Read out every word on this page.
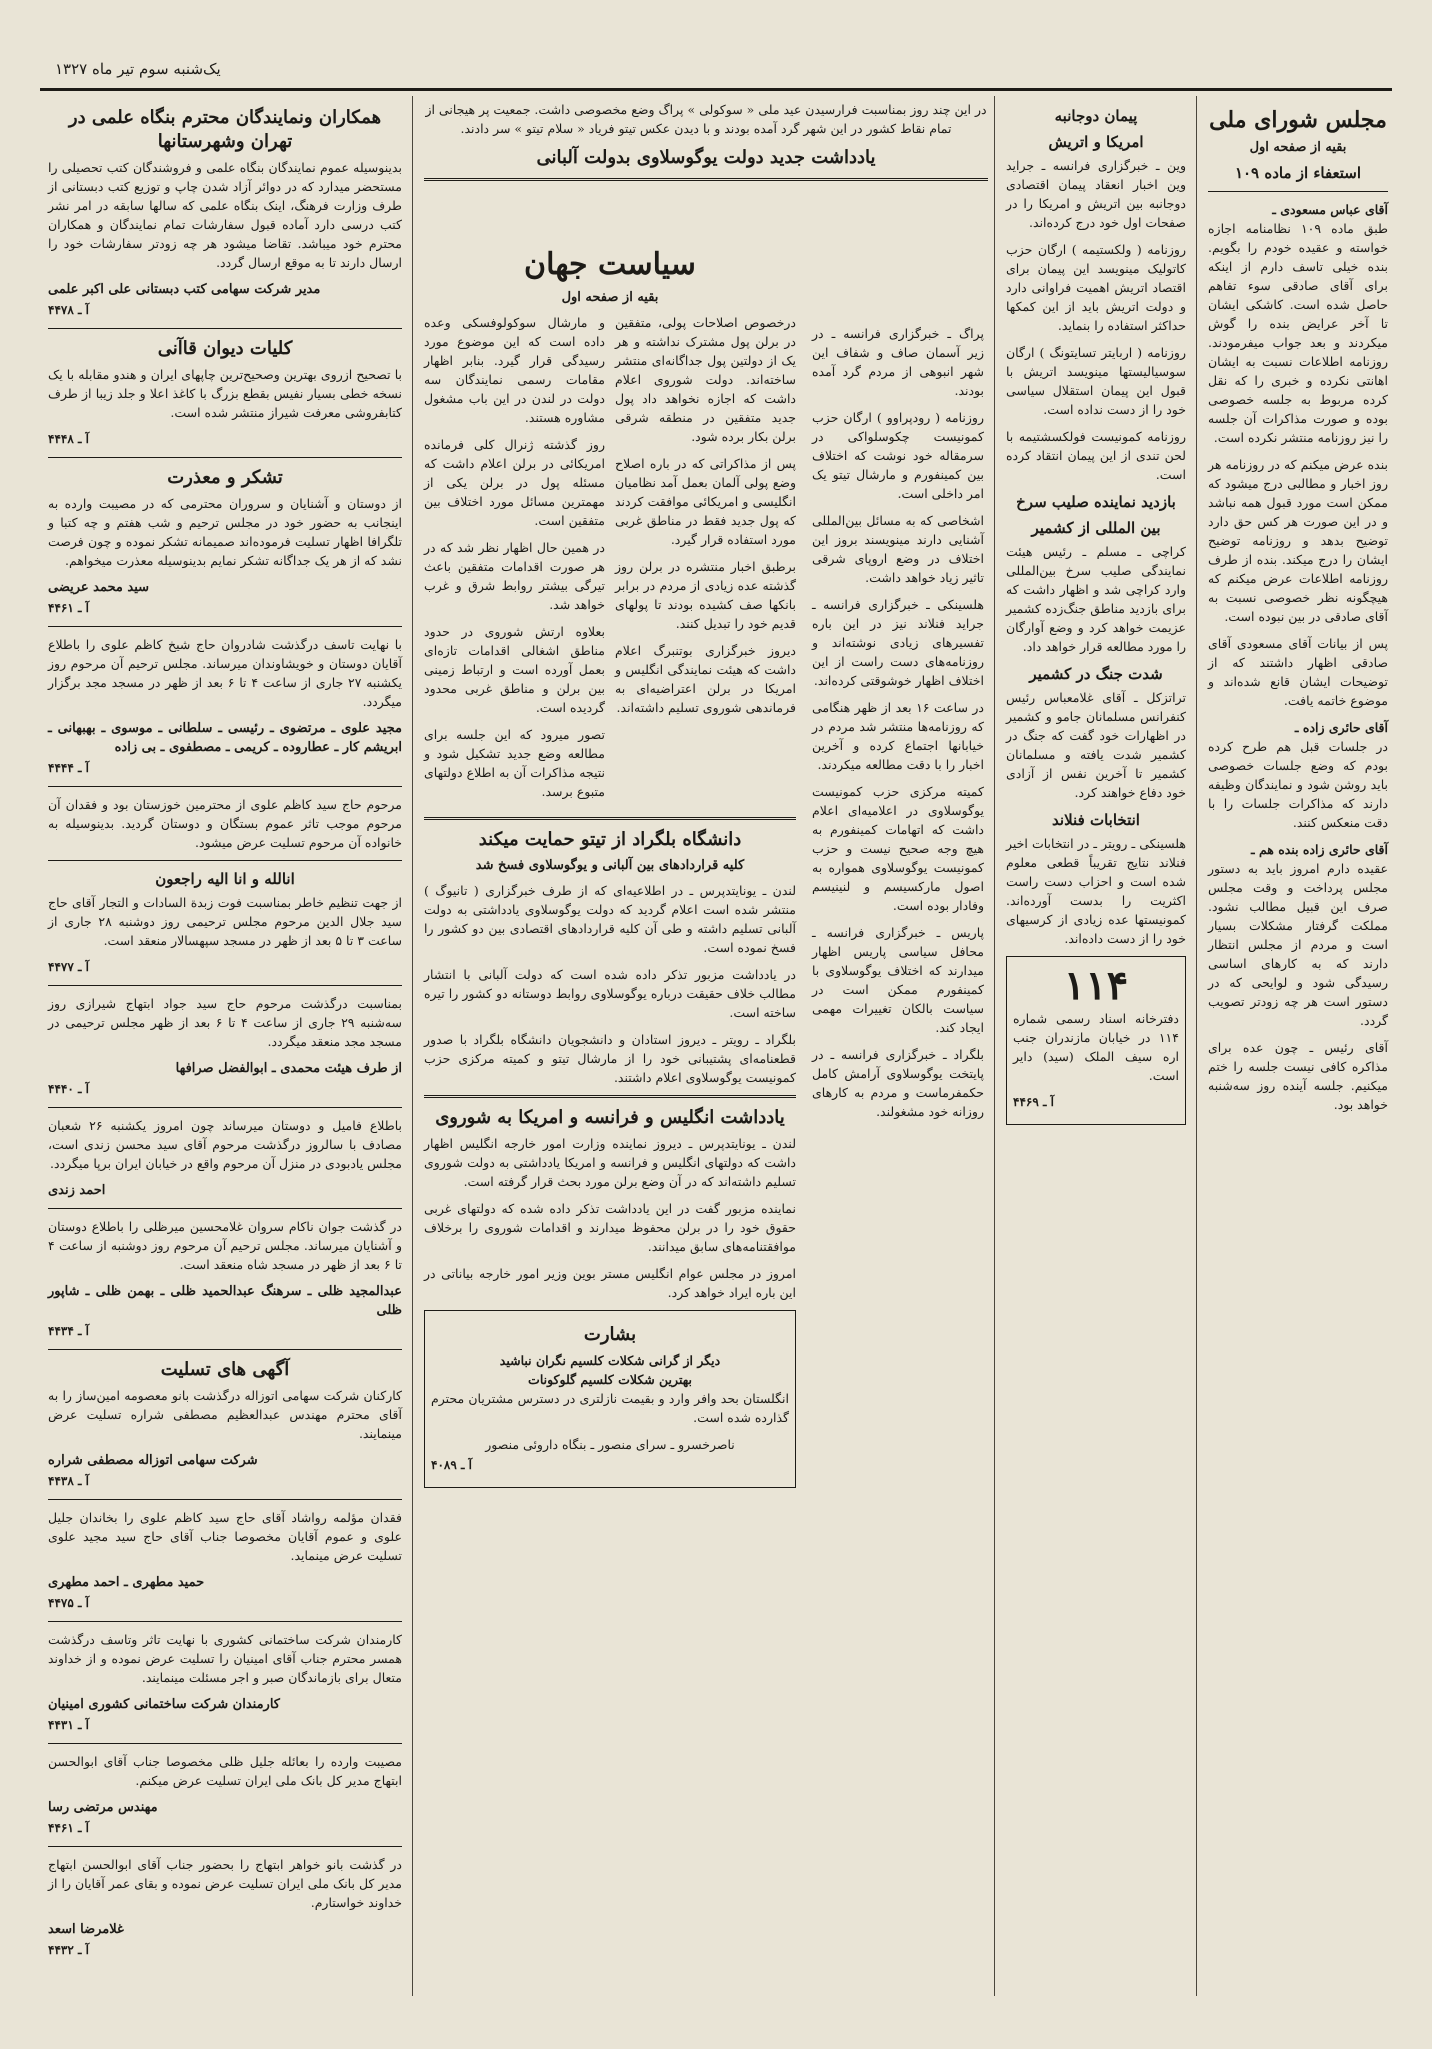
یک‌شنبه سوم تیر ماه ۱۳۲۷
مجلس شورای ملی
بقیه از صفحه اول
استعفاء از ماده ۱۰۹
آقای عباس مسعودی ـ

طبق ماده ۱۰۹ نظامنامه اجازه خواسته و عقیده خودم را بگویم. بنده خیلی تاسف دارم از اینکه برای آقای صادقی سوء تفاهم حاصل شده است. کاشکی ایشان تا آخر عرایض بنده را گوش میکردند و بعد جواب میفرمودند. روزنامه اطلاعات نسبت به ایشان اهانتی نکرده و خبری را که نقل کرده مربوط به جلسه خصوصی بوده و صورت مذاکرات آن جلسه را نیز روزنامه منتشر نکرده است.

بنده عرض میکنم که در روزنامه هر روز اخبار و مطالبی درج میشود که ممکن است مورد قبول همه نباشد و در این صورت هر کس حق دارد توضیح بدهد و روزنامه توضیح ایشان را درج میکند. بنده از طرف روزنامه اطلاعات عرض میکنم که هیچگونه نظر خصوصی نسبت به آقای صادقی در بین نبوده است.

پس از بیانات آقای مسعودی آقای صادقی اظهار داشتند که از توضیحات ایشان قانع شده‌اند و موضوع خاتمه یافت.

آقای حائری زاده ـ

در جلسات قبل هم طرح کرده بودم که وضع جلسات خصوصی باید روشن شود و نمایندگان وظیفه دارند که مذاکرات جلسات را با دقت منعکس کنند.

آقای حائری زاده بنده هم ـ

عقیده دارم امروز باید به دستور مجلس پرداخت و وقت مجلس صرف این قبیل مطالب نشود. مملکت گرفتار مشکلات بسیار است و مردم از مجلس انتظار دارند که به کارهای اساسی رسیدگی شود و لوایحی که در دستور است هر چه زودتر تصویب گردد.

آقای رئیس ـ چون عده برای مذاکره کافی نیست جلسه را ختم میکنیم. جلسه آینده روز سه‌شنبه خواهد بود.

پیمان دوجانبه
امریکا و اتریش

وین ـ خبرگزاری فرانسه ـ جراید وین اخبار انعقاد پیمان اقتصادی دوجانبه بین اتریش و امریکا را در صفحات اول خود درج کرده‌اند.

روزنامه ( ولکستیمه ) ارگان حزب کاتولیک مینویسد این پیمان برای اقتصاد اتریش اهمیت فراوانی دارد و دولت اتریش باید از این کمکها حداکثر استفاده را بنماید.

روزنامه ( اربایتر تسایتونگ ) ارگان سوسیالیستها مینویسد اتریش با قبول این پیمان استقلال سیاسی خود را از دست نداده است.

روزنامه کمونیست فولکسشتیمه با لحن تندی از این پیمان انتقاد کرده است.

بازدید نماینده صلیب سرخ
بین المللی از کشمیر

کراچی ـ مسلم ـ رئیس هیئت نمایندگی صلیب سرخ بین‌المللی وارد کراچی شد و اظهار داشت که برای بازدید مناطق جنگ‌زده کشمیر عزیمت خواهد کرد و وضع آوارگان را مورد مطالعه قرار خواهد داد.

شدت جنگ در کشمیر

تراتزکل ـ آقای غلامعباس رئیس کنفرانس مسلمانان جامو و کشمیر در اظهارات خود گفت که جنگ در کشمیر شدت یافته و مسلمانان کشمیر تا آخرین نفس از آزادی خود دفاع خواهند کرد.

انتخابات فنلاند

هلسینکی ـ رویتر ـ در انتخابات اخیر فنلاند نتایج تقریباً قطعی معلوم شده است و احزاب دست راست اکثریت را بدست آورده‌اند. کمونیستها عده زیادی از کرسیهای خود را از دست داده‌اند.

۱۱۴

دفترخانه اسناد رسمی شماره ۱۱۴ در خیابان مازندران جنب اره سیف الملک (سید) دایر است.

آ ـ ۴۴۶۹

پراگ ـ خبرگزاری فرانسه ـ در زیر آسمان صاف و شفاف این شهر انبوهی از مردم گرد آمده بودند.

روزنامه ( رودپراوو ) ارگان حزب کمونیست چکوسلواکی در سرمقاله خود نوشت که اختلاف بین کمینفورم و مارشال تیتو یک امر داخلی است.

اشخاصی که به مسائل بین‌المللی آشنایی دارند مینویسند بروز این اختلاف در وضع اروپای شرقی تاثیر زیاد خواهد داشت.

هلسینکی ـ خبرگزاری فرانسه ـ جراید فنلاند نیز در این باره تفسیرهای زیادی نوشته‌اند و روزنامه‌های دست راست از این اختلاف اظهار خوشوقتی کرده‌اند.

در ساعت ۱۶ بعد از ظهر هنگامی که روزنامه‌ها منتشر شد مردم در خیابانها اجتماع کرده و آخرین اخبار را با دقت مطالعه میکردند.

کمیته مرکزی حزب کمونیست یوگوسلاوی در اعلامیه‌ای اعلام داشت که اتهامات کمینفورم به هیچ وجه صحیح نیست و حزب کمونیست یوگوسلاوی همواره به اصول مارکسیسم و لنینیسم وفادار بوده است.

پاریس ـ خبرگزاری فرانسه ـ محافل سیاسی پاریس اظهار میدارند که اختلاف یوگوسلاوی با کمینفورم ممکن است در سیاست بالکان تغییرات مهمی ایجاد کند.

بلگراد ـ خبرگزاری فرانسه ـ در پایتخت یوگوسلاوی آرامش کامل حکمفرماست و مردم به کارهای روزانه خود مشغولند.

در این چند روز بمناسبت فرارسیدن عید ملی « سوکولی » پراگ وضع مخصوصی داشت. جمعیت پر هیجانی از تمام نقاط کشور در این شهر گرد آمده بودند و با دیدن عکس تیتو فریاد « سلام تیتو » سر دادند.

یادداشت جدید دولت یوگوسلاوی بدولت آلبانی
سیاست جهان
بقیه از صفحه اول

درخصوص اصلاحات پولی، متفقین در برلن پول مشترک نداشته و هر یک از دولتین پول جداگانه‌ای منتشر ساخته‌اند. دولت شوروی اعلام داشت که اجازه نخواهد داد پول جدید متفقین در منطقه شرقی برلن بکار برده شود.

پس از مذاکراتی که در باره اصلاح وضع پولی آلمان بعمل آمد نظامیان انگلیسی و امریکائی موافقت کردند که پول جدید فقط در مناطق غربی مورد استفاده قرار گیرد.

برطبق اخبار منتشره در برلن روز گذشته عده زیادی از مردم در برابر بانکها صف کشیده بودند تا پولهای قدیم خود را تبدیل کنند.

دیروز خبرگزاری بوتنبرگ اعلام داشت که هیئت نمایندگی انگلیس و امریکا در برلن اعتراضیه‌ای به فرماندهی شوروی تسلیم داشته‌اند.

و مارشال سوکولوفسکی وعده داده است که این موضوع مورد رسیدگی قرار گیرد. بنابر اظهار مقامات رسمی نمایندگان سه دولت در لندن در این باب مشغول مشاوره هستند.

روز گذشته ژنرال کلی فرمانده امریکائی در برلن اعلام داشت که مسئله پول در برلن یکی از مهمترین مسائل مورد اختلاف بین متفقین است.

در همین حال اظهار نظر شد که در هر صورت اقدامات متفقین باعث تیرگی بیشتر روابط شرق و غرب خواهد شد.

بعلاوه ارتش شوروی در حدود مناطق اشغالی اقدامات تازه‌ای بعمل آورده است و ارتباط زمینی بین برلن و مناطق غربی محدود گردیده است.

تصور میرود که این جلسه برای مطالعه وضع جدید تشکیل شود و نتیجه مذاکرات آن به اطلاع دولتهای متبوع برسد.

دانشگاه بلگراد از تیتو حمایت میکند
کلیه قرارداد‌های بین آلبانی و یوگوسلاوی فسخ شد

لندن ـ یونایتدپرس ـ در اطلاعیه‌ای که از طرف خبرگزاری ( تانیوگ ) منتشر شده است اعلام گردید که دولت یوگوسلاوی یادداشتی به دولت آلبانی تسلیم داشته و طی آن کلیه قراردادهای اقتصادی بین دو کشور را فسخ نموده است.

در یادداشت مزبور تذکر داده شده است که دولت آلبانی با انتشار مطالب خلاف حقیقت درباره یوگوسلاوی روابط دوستانه دو کشور را تیره ساخته است.

بلگراد ـ رویتر ـ دیروز استادان و دانشجویان دانشگاه بلگراد با صدور قطعنامه‌ای پشتیبانی خود را از مارشال تیتو و کمیته مرکزی حزب کمونیست یوگوسلاوی اعلام داشتند.

یادداشت انگلیس و فرانسه و امریکا به شوروی

لندن ـ یونایتدپرس ـ دیروز نماینده وزارت امور خارجه انگلیس اظهار داشت که دولتهای انگلیس و فرانسه و امریکا یادداشتی به دولت شوروی تسلیم داشته‌اند که در آن وضع برلن مورد بحث قرار گرفته است.

نماینده مزبور گفت در این یادداشت تذکر داده شده که دولتهای غربی حقوق خود را در برلن محفوظ میدارند و اقدامات شوروی را برخلاف موافقتنامه‌های سابق میدانند.

امروز در مجلس عوام انگلیس مستر بوین وزیر امور خارجه بیاناتی در این باره ایراد خواهد کرد.

بشارت
دیگر از گرانی شکلات کلسیم نگران نباشید
بهترین شکلات کلسیم گلوکونات

انگلستان بحد وافر وارد و بقیمت نازلتری در دسترس مشتریان محترم گذارده شده است.

ناصرخسرو ـ سرای منصور ـ بنگاه داروئی منصور
آ ـ ۴۰۸۹
همکاران ونمایندگان محترم بنگاه علمی در تهران وشهرستانها

بدینوسیله عموم نمایندگان بنگاه علمی و فروشندگان کتب تحصیلی را مستحضر میدارد که در دوائر آزاد شدن چاپ و توزیع کتب دبستانی از طرف وزارت فرهنگ، اینک بنگاه علمی که سالها سابقه در امر نشر کتب درسی دارد آماده قبول سفارشات تمام نمایندگان و همکاران محترم خود میباشد. تقاضا میشود هر چه زودتر سفارشات خود را ارسال دارند تا به موقع ارسال گردد.

مدیر شرکت سهامی کتب دبستانی علی اکبر علمی
آ ـ ۴۴۷۸
کلیات دیوان قاآنی

با تصحیح ازروی بهترین وصحیح‌ترین چاپهای ایران و هندو مقابله با یک نسخه خطی بسیار نفیس بقطع بزرگ با کاغذ اعلا و جلد زیبا از طرف کتابفروشی معرفت شیراز منتشر شده است.

آ ـ ۴۴۴۸
تشکر و معذرت

از دوستان و آشنایان و سروران محترمی که در مصیبت وارده به اینجانب به حضور خود در مجلس ترحیم و شب هفتم و چه کتبا و تلگرافا اظهار تسلیت فرموده‌اند صمیمانه تشکر نموده و چون فرصت نشد که از هر یک جداگانه تشکر نمایم بدینوسیله معذرت میخواهم.

سید محمد عریضی
آ ـ ۴۴۶۱

با نهایت تاسف درگذشت شادروان حاج شیخ کاظم علوی را باطلاع آقایان دوستان و خویشاوندان میرساند. مجلس ترحیم آن مرحوم روز یکشنبه ۲۷ جاری از ساعت ۴ تا ۶ بعد از ظهر در مسجد مجد برگزار میگردد.

مجید علوی ـ مرتضوی ـ رئیسی ـ سلطانی ـ موسوی ـ بهبهانی ـ ابریشم کار ـ عطاروده ـ کریمی ـ مصطفوی ـ بی زاده
آ ـ ۴۴۴۴

مرحوم حاج سید کاظم علوی از محترمین خوزستان بود و فقدان آن مرحوم موجب تاثر عموم بستگان و دوستان گردید. بدینوسیله به خانواده آن مرحوم تسلیت عرض میشود.

انالله و انا الیه راجعون

از جهت تنظیم خاطر بمناسبت فوت زبدة السادات و التجار آقای حاج سید جلال الدین مرحوم مجلس ترحیمی روز دوشنبه ۲۸ جاری از ساعت ۳ تا ۵ بعد از ظهر در مسجد سپهسالار منعقد است.

آ ـ ۴۴۷۷

بمناسبت درگذشت مرحوم حاج سید جواد ابتهاج شیرازی روز سه‌شنبه ۲۹ جاری از ساعت ۴ تا ۶ بعد از ظهر مجلس ترحیمی در مسجد مجد منعقد میگردد.

از طرف هیئت محمدی ـ ابوالفضل صرافها
آ ـ ۴۴۴۰

باطلاع فامیل و دوستان میرساند چون امروز یکشنبه ۲۶ شعبان مصادف با سالروز درگذشت مرحوم آقای سید محسن زندی است، مجلس یادبودی در منزل آن مرحوم واقع در خیابان ایران برپا میگردد.

احمد زندی

در گذشت جوان ناکام سروان غلامحسین میرظلی را باطلاع دوستان و آشنایان میرساند. مجلس ترحیم آن مرحوم روز دوشنبه از ساعت ۴ تا ۶ بعد از ظهر در مسجد شاه منعقد است.

عبدالمجید ظلی ـ سرهنگ عبدالحمید ظلی ـ بهمن ظلی ـ شاپور ظلی
آ ـ ۴۴۳۴
آگهی های تسلیت

کارکنان شرکت سهامی اتوزاله درگذشت بانو معصومه امین‌ساز را به آقای محترم مهندس عبدالعظیم مصطفی شراره تسلیت عرض مینمایند.

شرکت سهامی اتوزاله مصطفی شراره
آ ـ ۴۴۳۸

فقدان مؤلمه رواشاد آقای حاج سید کاظم علوی را بخاندان جلیل علوی و عموم آقایان مخصوصا جناب آقای حاج سید مجید علوی تسلیت عرض مینماید.

حمید مطهری ـ احمد مطهری
آ ـ ۴۴۷۵

کارمندان شرکت ساختمانی کشوری با نهایت تاثر وتاسف درگذشت همسر محترم جناب آقای امینیان را تسلیت عرض نموده و از خداوند متعال برای بازماندگان صبر و اجر مسئلت مینمایند.

کارمندان شرکت ساختمانی کشوری امینیان
آ ـ ۴۴۳۱

مصیبت وارده را بعائله جلیل ظلی مخصوصا جناب آقای ابوالحسن ابتهاج مدیر کل بانک ملی ایران تسلیت عرض میکنم.

مهندس مرتضی رسا
آ ـ ۴۴۶۱

در گذشت بانو خواهر ابتهاج را بحضور جناب آقای ابوالحسن ابتهاج مدیر کل بانک ملی ایران تسلیت عرض نموده و بقای عمر آقایان را از خداوند خواستارم.

غلامرضا اسعد
آ ـ ۴۴۳۲
